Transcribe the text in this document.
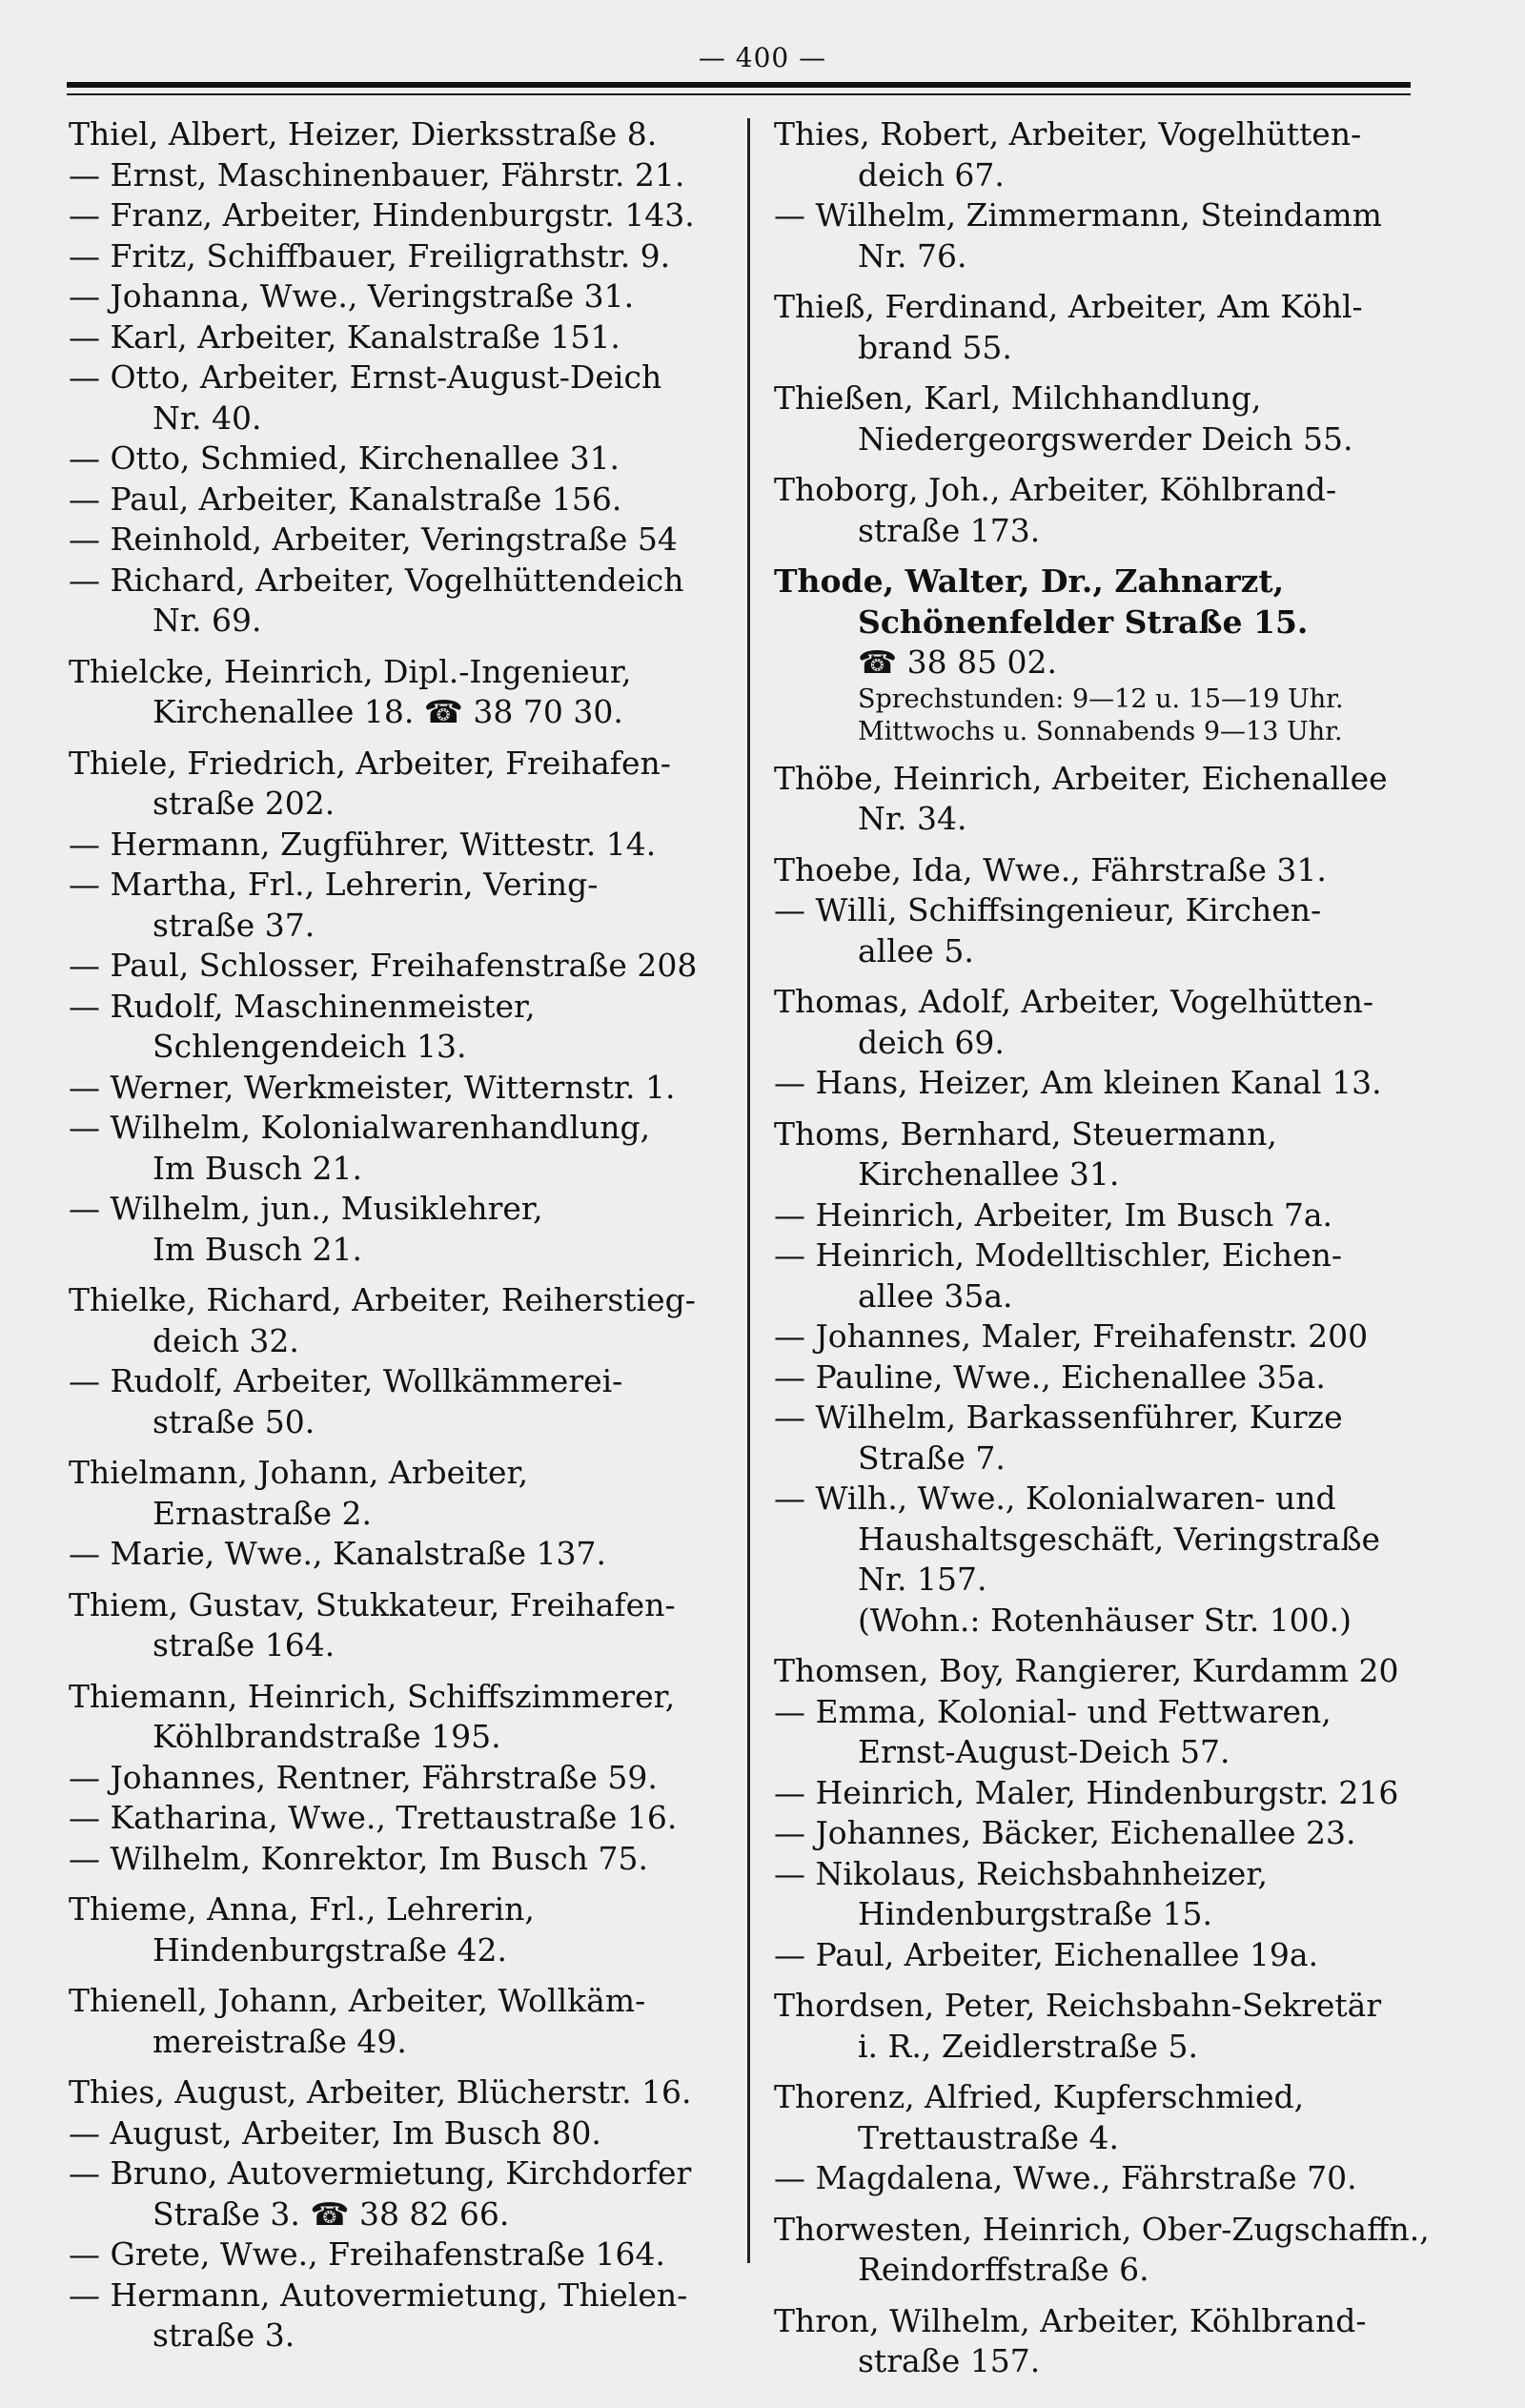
— 400 —
Thiel, Albert, Heizer, Dierksstraße 8.
— Ernst, Maschinenbauer, Fährstr. 21.
— Franz, Arbeiter, Hindenburgstr. 143.
— Fritz, Schiffbauer, Freiligrathstr. 9.
— Johanna, Wwe., Veringstraße 31.
— Karl, Arbeiter, Kanalstraße 151.
— Otto, Arbeiter, Ernst-August-Deich
Nr. 40.
— Otto, Schmied, Kirchenallee 31.
— Paul, Arbeiter, Kanalstraße 156.
— Reinhold, Arbeiter, Veringstraße 54
— Richard, Arbeiter, Vogelhüttendeich
Nr. 69.
Thielcke, Heinrich, Dipl.-Ingenieur,
Kirchenallee 18. ☎ 38 70 30.
Thiele, Friedrich, Arbeiter, Freihafen-
straße 202.
— Hermann, Zugführer, Wittestr. 14.
— Martha, Frl., Lehrerin, Vering-
straße 37.
— Paul, Schlosser, Freihafenstraße 208
— Rudolf, Maschinenmeister,
Schlengendeich 13.
— Werner, Werkmeister, Witternstr. 1.
— Wilhelm, Kolonialwarenhandlung,
Im Busch 21.
— Wilhelm, jun., Musiklehrer,
Im Busch 21.
Thielke, Richard, Arbeiter, Reiherstieg-
deich 32.
— Rudolf, Arbeiter, Wollkämmerei-
straße 50.
Thielmann, Johann, Arbeiter,
Ernastraße 2.
— Marie, Wwe., Kanalstraße 137.
Thiem, Gustav, Stukkateur, Freihafen-
straße 164.
Thiemann, Heinrich, Schiffszimmerer,
Köhlbrandstraße 195.
— Johannes, Rentner, Fährstraße 59.
— Katharina, Wwe., Trettaustraße 16.
— Wilhelm, Konrektor, Im Busch 75.
Thieme, Anna, Frl., Lehrerin,
Hindenburgstraße 42.
Thienell, Johann, Arbeiter, Wollkäm-
mereistraße 49.
Thies, August, Arbeiter, Blücherstr. 16.
— August, Arbeiter, Im Busch 80.
— Bruno, Autovermietung, Kirchdorfer
Straße 3. ☎ 38 82 66.
— Grete, Wwe., Freihafenstraße 164.
— Hermann, Autovermietung, Thielen-
straße 3.
Thies, Robert, Arbeiter, Vogelhütten-
deich 67.
— Wilhelm, Zimmermann, Steindamm
Nr. 76.
Thieß, Ferdinand, Arbeiter, Am Köhl-
brand 55.
Thießen, Karl, Milchhandlung,
Niedergeorgswerder Deich 55.
Thoborg, Joh., Arbeiter, Köhlbrand-
straße 173.
Thode, Walter, Dr., Zahnarzt,
Schönenfelder Straße 15.
☎ 38 85 02.
Sprechstunden: 9—12 u. 15—19 Uhr.
Mittwochs u. Sonnabends 9—13 Uhr.
Thöbe, Heinrich, Arbeiter, Eichenallee
Nr. 34.
Thoebe, Ida, Wwe., Fährstraße 31.
— Willi, Schiffsingenieur, Kirchen-
allee 5.
Thomas, Adolf, Arbeiter, Vogelhütten-
deich 69.
— Hans, Heizer, Am kleinen Kanal 13.
Thoms, Bernhard, Steuermann,
Kirchenallee 31.
— Heinrich, Arbeiter, Im Busch 7a.
— Heinrich, Modelltischler, Eichen-
allee 35a.
— Johannes, Maler, Freihafenstr. 200
— Pauline, Wwe., Eichenallee 35a.
— Wilhelm, Barkassenführer, Kurze
Straße 7.
— Wilh., Wwe., Kolonialwaren- und
Haushaltsgeschäft, Veringstraße
Nr. 157.
(Wohn.: Rotenhäuser Str. 100.)
Thomsen, Boy, Rangierer, Kurdamm 20
— Emma, Kolonial- und Fettwaren,
Ernst-August-Deich 57.
— Heinrich, Maler, Hindenburgstr. 216
— Johannes, Bäcker, Eichenallee 23.
— Nikolaus, Reichsbahnheizer,
Hindenburgstraße 15.
— Paul, Arbeiter, Eichenallee 19a.
Thordsen, Peter, Reichsbahn-Sekretär
i. R., Zeidlerstraße 5.
Thorenz, Alfried, Kupferschmied,
Trettaustraße 4.
— Magdalena, Wwe., Fährstraße 70.
Thorwesten, Heinrich, Ober-Zugschaffn.,
Reindorffstraße 6.
Thron, Wilhelm, Arbeiter, Köhlbrand-
straße 157.
